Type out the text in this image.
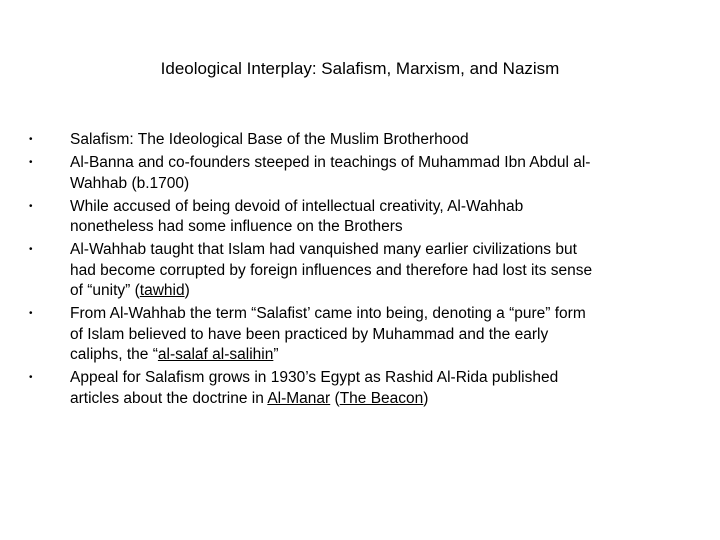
Ideological Interplay: Salafism, Marxism, and Nazism
•	Salafism: The Ideological Base of the Muslim Brotherhood
•	Al-Banna and co-founders steeped in teachings of Muhammad Ibn Abdul al-
Wahhab (b.1700)
•	While accused of being devoid of intellectual creativity, Al-Wahhab
nonetheless had some influence on the Brothers
•	Al-Wahhab taught that Islam had vanquished many earlier civilizations but
had become corrupted by foreign influences and therefore had lost its sense
of “unity” (tawhid)
•	From Al-Wahhab the term “Salafist’ came into being, denoting a “pure” form
of Islam believed to have been practiced by Muhammad and the early
caliphs, the “al-salaf al-salihin”
•	Appeal for Salafism grows in 1930’s Egypt as Rashid Al-Rida published
articles about the doctrine in Al-Manar (The Beacon)
